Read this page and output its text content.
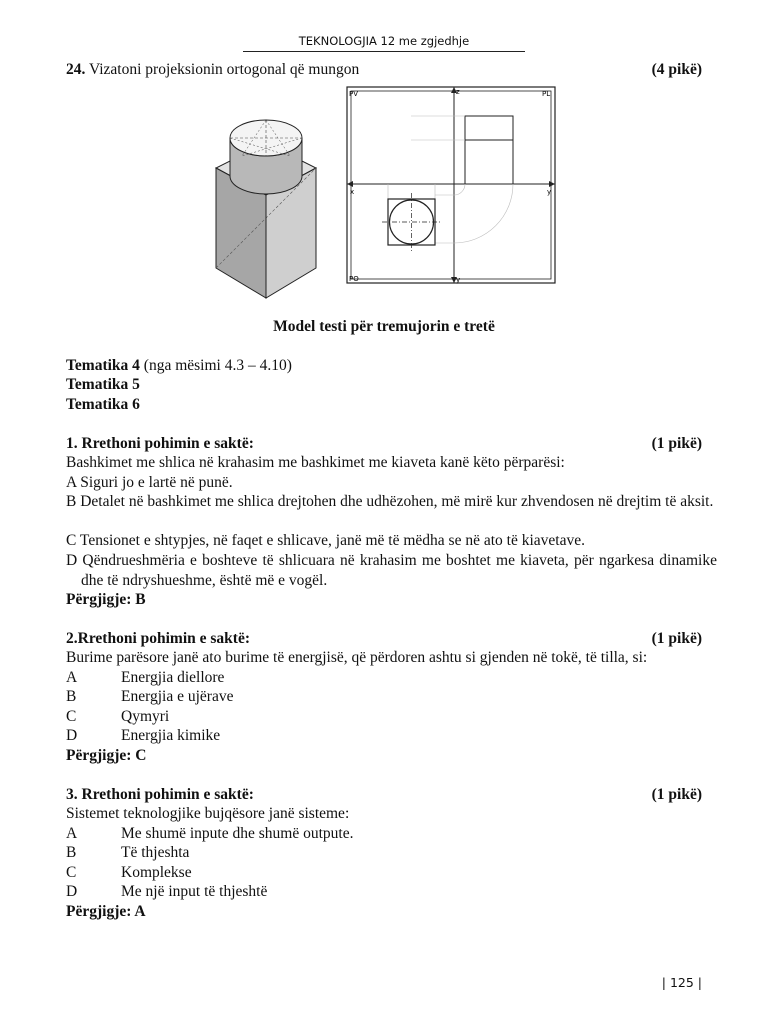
TEKNOLOGJIA 12 me zgjedhje
24. Vizatoni projeksionin ortogonal që mungon	(4 pikë)
PV	PL
PO
z
x	y
y
Model testi për tremujorin e tretë
Tematika 4 (nga mësimi 4.3 – 4.10)
Tematika 5
Tematika 6
1. Rrethoni pohimin e saktë:	(1 pikë)
Bashkimet me shlica në krahasim me bashkimet me kiaveta kanë këto përparësi:
A Siguri jo e lartë në punë.
B Detalet në bashkimet me shlica drejtohen dhe udhëzohen, më mirë kur zhvendosen në drejtim të aksit.
C Tensionet e shtypjes, në faqet e shlicave, janë më të mëdha se në ato të kiavetave.
D Qëndrueshmëria e boshteve të shlicuara në krahasim me boshtet me kiaveta, për ngarkesa dinamike dhe të ndryshueshme, është më e vogël.
Përgjigje: B
2.Rrethoni pohimin e saktë:	(1 pikë)
Burime parësore janë ato burime të energjisë, që përdoren ashtu si gjenden në tokë, të tilla, si:
A	Energjia diellore
B	Energjia e ujërave
C	Qymyri
D	Energjia kimike
Përgjigje: C
3. Rrethoni pohimin e saktë:	(1 pikë)
Sistemet teknologjike bujqësore janë sisteme:
A	Me shumë inpute dhe shumë outpute.
B	Të thjeshta
C	Komplekse
D	Me një input të thjeshtë
Përgjigje: A
| 125 |
